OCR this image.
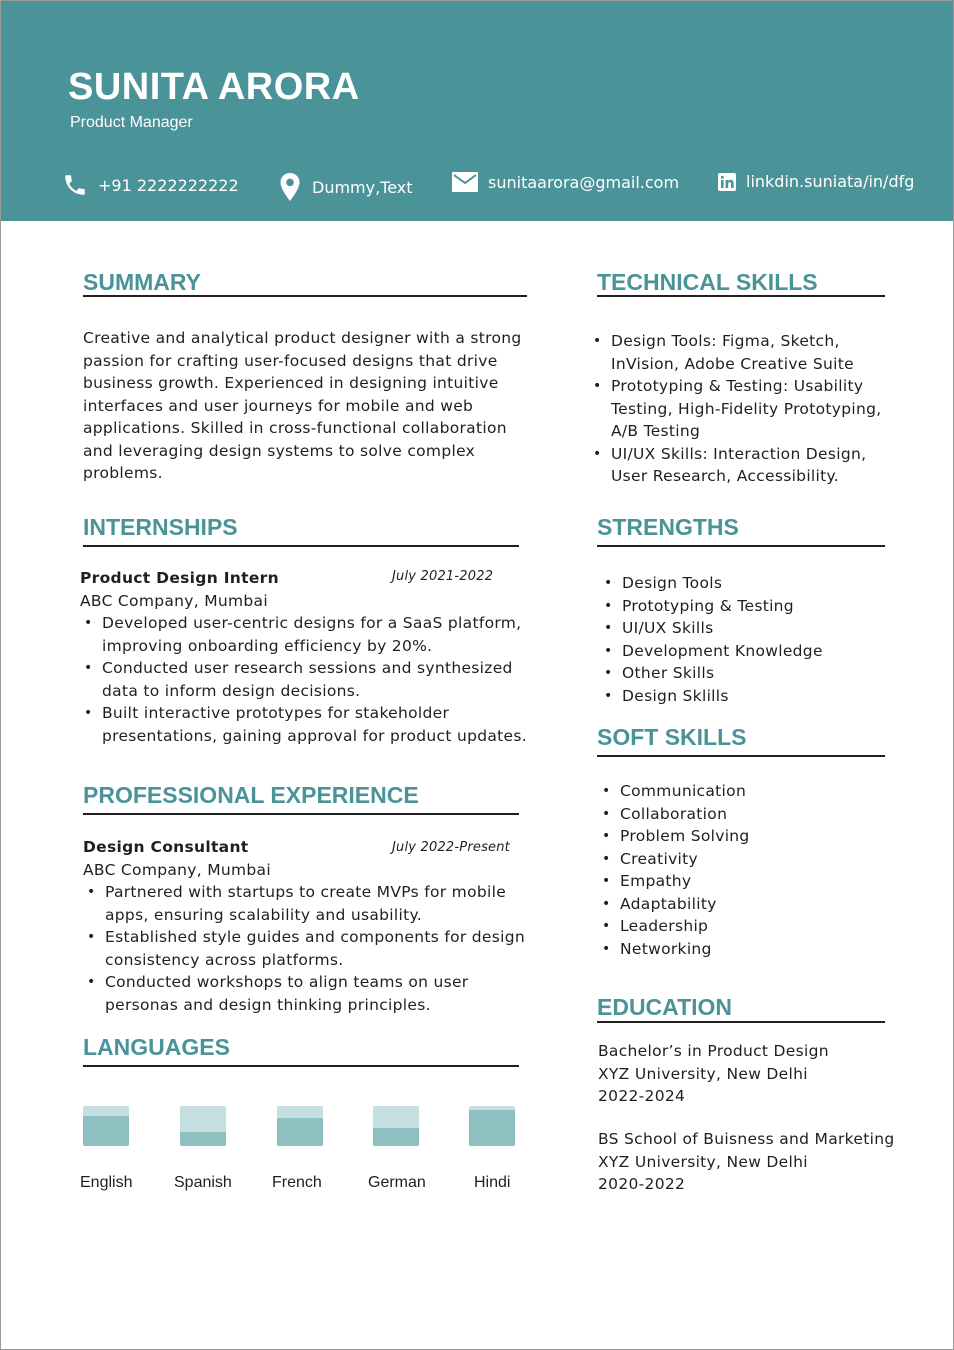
SUNITA ARORA
Product Manager
+91 2222222222	Dummy,Text	sunitaarora@gmail.com	linkdin.suniata/in/dfg
SUMMARY

Creative and analytical product designer with a strong

passion for crafting user-focused designs that drive

business growth. Experienced in designing intuitive

interfaces and user journeys for mobile and web

applications. Skilled in cross-functional collaboration

and leveraging design systems to solve complex

problems.

INTERNSHIPS
July 2021-2022
Product Design Intern
ABC Company, Mumbai
• Developed user-centric designs for a SaaS platform,
improving onboarding efficiency by 20%.
• Conducted user research sessions and synthesized
data to inform design decisions.
• Built interactive prototypes for stakeholder
presentations, gaining approval for product updates.
PROFESSIONAL EXPERIENCE
July 2022-Present
Design Consultant
ABC Company, Mumbai
• Partnered with startups to create MVPs for mobile
apps, ensuring scalability and usability.
• Established style guides and components for design
consistency across platforms.
• Conducted workshops to align teams on user
personas and design thinking principles.
LANGUAGES
English	Spanish	French	German	Hindi
TECHNICAL SKILLS
• Design Tools: Figma, Sketch,
InVision, Adobe Creative Suite
• Prototyping & Testing: Usability
Testing, High-Fidelity Prototyping,
A/B Testing
• UI/UX Skills: Interaction Design,
User Research, Accessibility.
STRENGTHS
• Design Tools
• Prototyping & Testing
• UI/UX Skills
• Development Knowledge
• Other Skills
• Design Sklills
SOFT SKILLS
• Communication
• Collaboration
• Problem Solving
• Creativity
• Empathy
• Adaptability
• Leadership
• Networking
EDUCATION
Bachelor’s in Product Design
XYZ University, New Delhi
2022-2024
BS School of Buisness and Marketing
XYZ University, New Delhi
2020-2022
